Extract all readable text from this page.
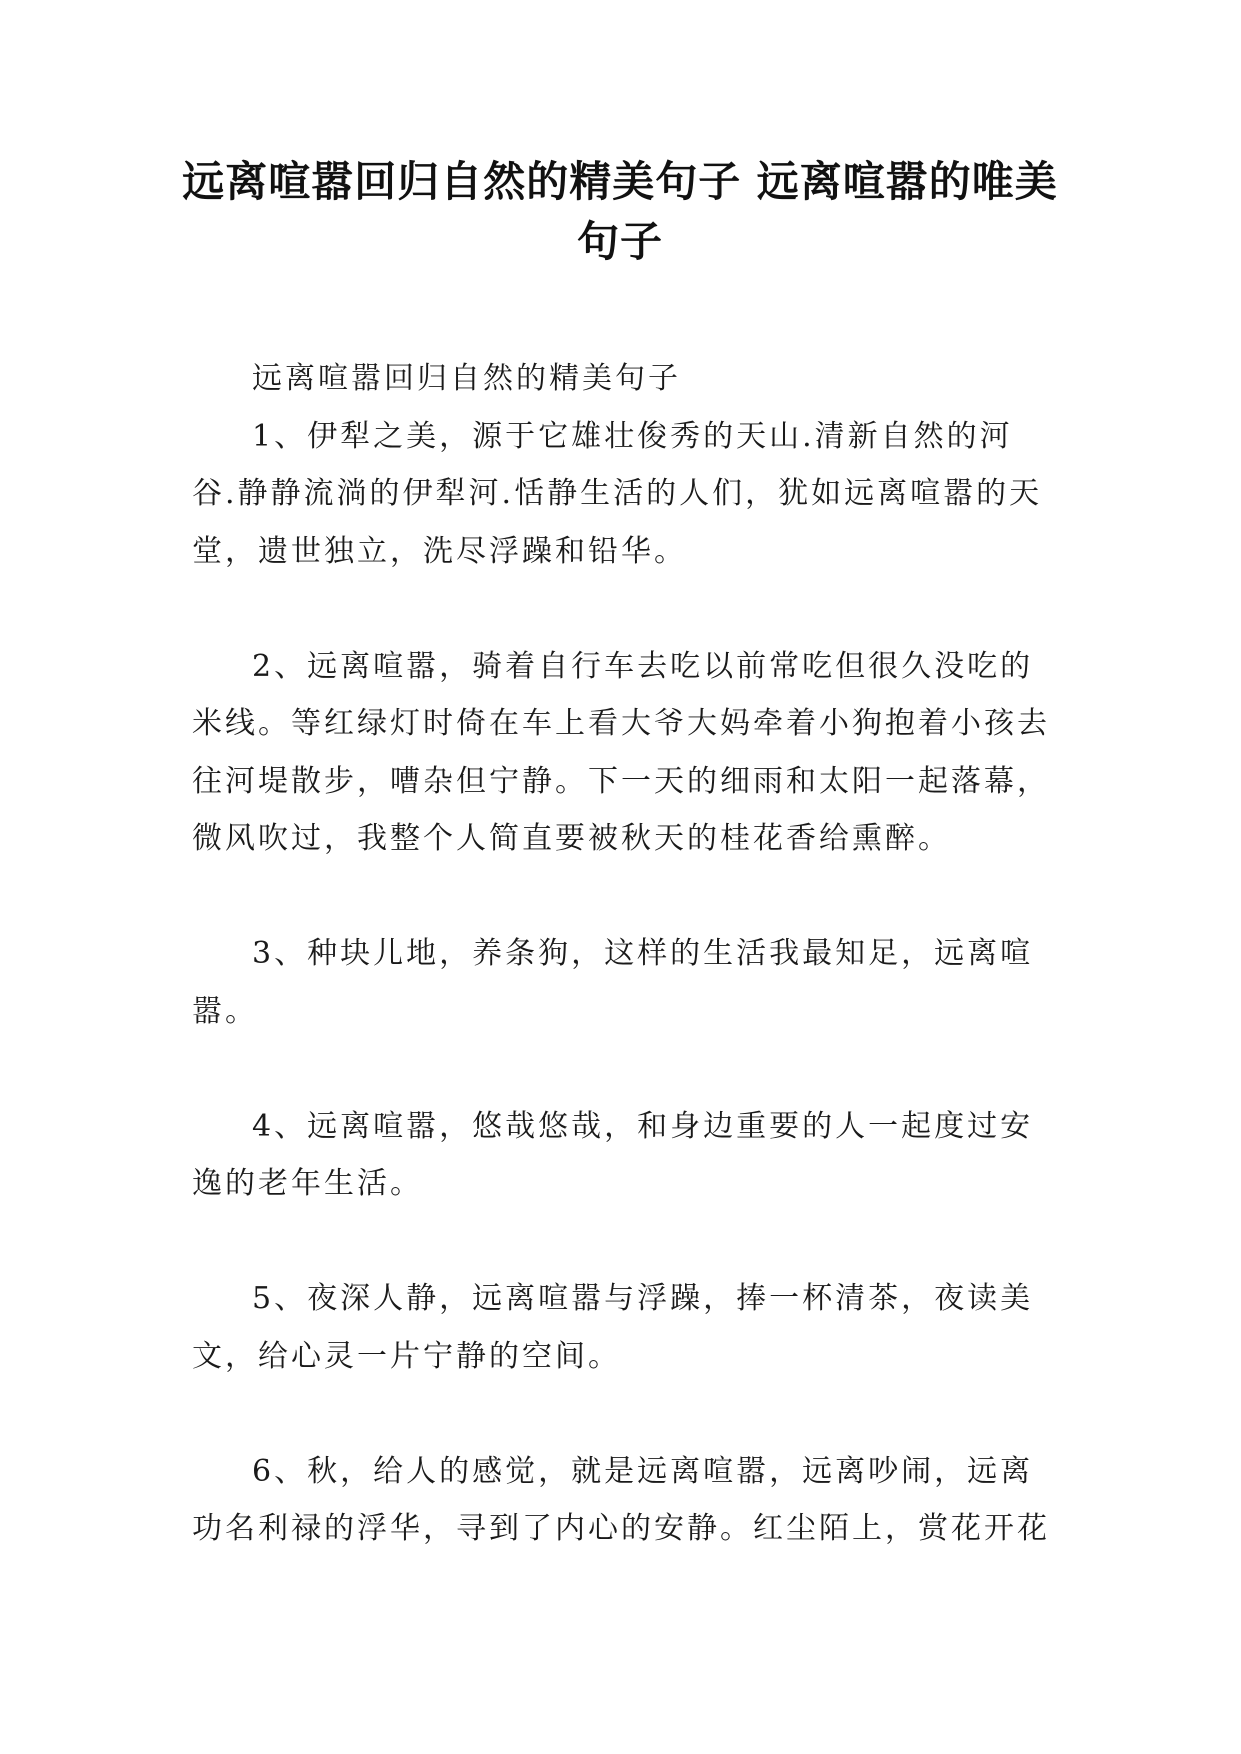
远离喧嚣回归自然的精美句子 远离喧嚣的唯美句子

远离喧嚣回归自然的精美句子

1、伊犁之美，源于它雄壮俊秀的天山.清新自然的河谷.静静流淌的伊犁河.恬静生活的人们，犹如远离喧嚣的天堂，遗世独立，洗尽浮躁和铅华。

2、远离喧嚣，骑着自行车去吃以前常吃但很久没吃的米线。等红绿灯时倚在车上看大爷大妈牵着小狗抱着小孩去往河堤散步，嘈杂但宁静。下一天的细雨和太阳一起落幕，微风吹过，我整个人简直要被秋天的桂花香给熏醉。

3、种块儿地，养条狗，这样的生活我最知足，远离喧嚣。

4、远离喧嚣，悠哉悠哉，和身边重要的人一起度过安逸的老年生活。

5、夜深人静，远离喧嚣与浮躁，捧一杯清茶，夜读美文，给心灵一片宁静的空间。

6、秋，给人的感觉，就是远离喧嚣，远离吵闹，远离功名利禄的浮华，寻到了内心的安静。红尘陌上，赏花开花
